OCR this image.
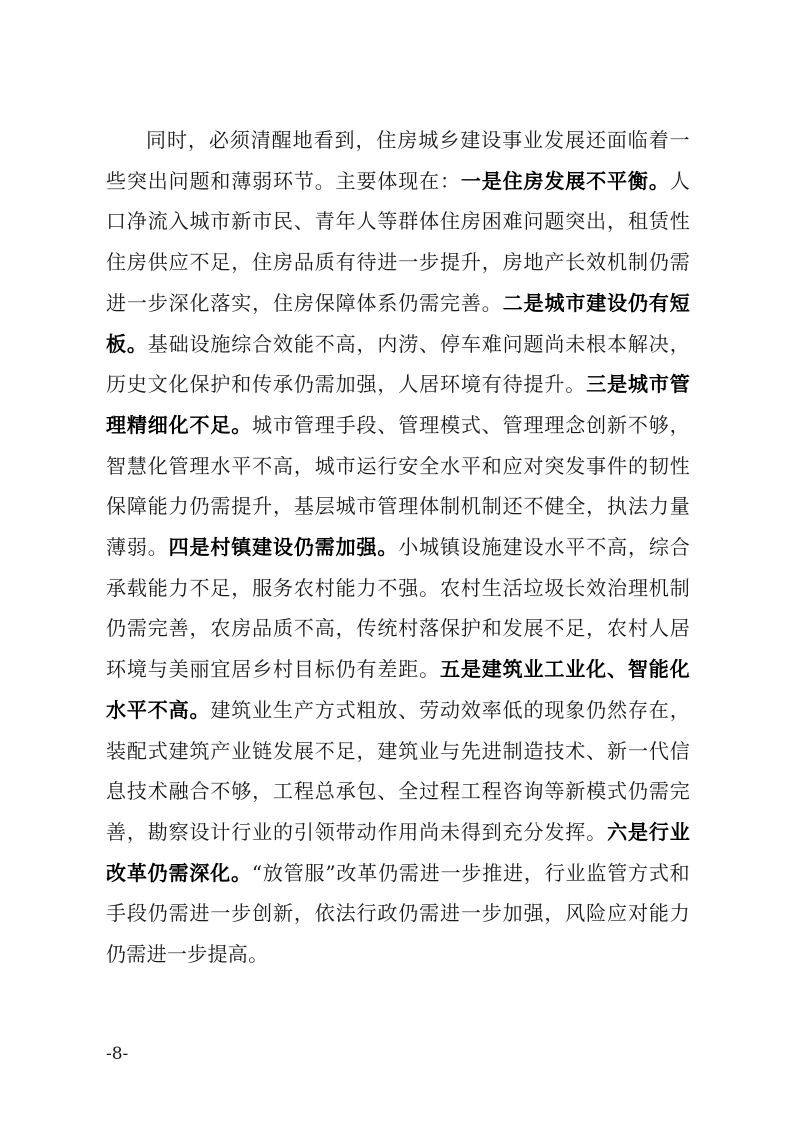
同时，必须清醒地看到，住房城乡建设事业发展还面临着一些突出问题和薄弱环节。主要体现在：一是住房发展不平衡。人口净流入城市新市民、青年人等群体住房困难问题突出，租赁性住房供应不足，住房品质有待进一步提升，房地产长效机制仍需进一步深化落实，住房保障体系仍需完善。二是城市建设仍有短板。基础设施综合效能不高，内涝、停车难问题尚未根本解决，历史文化保护和传承仍需加强，人居环境有待提升。三是城市管理精细化不足。城市管理手段、管理模式、管理理念创新不够，智慧化管理水平不高，城市运行安全水平和应对突发事件的韧性保障能力仍需提升，基层城市管理体制机制还不健全，执法力量薄弱。四是村镇建设仍需加强。小城镇设施建设水平不高，综合承载能力不足，服务农村能力不强。农村生活垃圾长效治理机制仍需完善，农房品质不高，传统村落保护和发展不足，农村人居环境与美丽宜居乡村目标仍有差距。五是建筑业工业化、智能化水平不高。建筑业生产方式粗放、劳动效率低的现象仍然存在，装配式建筑产业链发展不足，建筑业与先进制造技术、新一代信息技术融合不够，工程总承包、全过程工程咨询等新模式仍需完善，勘察设计行业的引领带动作用尚未得到充分发挥。六是行业改革仍需深化。“放管服”改革仍需进一步推进，行业监管方式和手段仍需进一步创新，依法行政仍需进一步加强，风险应对能力仍需进一步提高。

-8-
